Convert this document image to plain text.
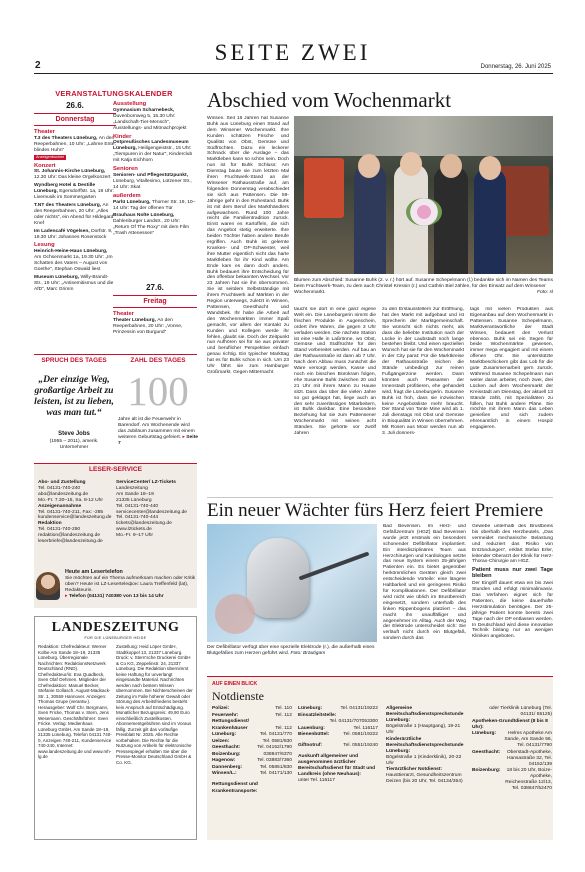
2
SEITE ZWEI
Donnerstag, 26. Juni 2025
VERANSTALTUNGSKALENDER
26.6.
Donnerstag
Theater
T.3 des Theaters Lüneburg, An den Reeperbahnen, 10 Uhr: „Lahme Ente, blindes Huhn“
Anzeigenbuchen
Konzert
St. Johannis-Kirche Lüneburg, 12.30 Uhr: Das kleine Orgelkonzert
Wyndberg Hotel & Destille Lüneburg, Egersdorffstr. 1a, 18 Uhr: Livemusik im Sommergarten
T.NT des Theaters Lüneburg, An den Reeperbahnen, 20 Uhr: „Alles oder nichts“, ein Abend für Hildegard Knef
Im Ladencafé Vögelsen, Dorfstr. 9, 19.30 Uhr: Johannes Rosenstock
Lesung
Heinrich-Heine-Haus Lüneburg, Am Ochsenmarkt 1a, 19.30 Uhr: „Im Schatten des Vaters – August von Goethe“, Stephan Oswald liest
Museum Lüneburg, Willy-Brandt-Str., 19 Uhr: „Antisemitismus und die AfD“, Marc Grimm
Ausstellung
Gymnasium Scharnebeck, Duvenbornweg 5, 15.30 Uhr: „Landschaft-Tier-Mensch“, Ausstellungs- und Mitmachprojekt
Kinder
Ostpreußisches Landesmuseum Lüneburg, Heiligengeiststr., 15 Uhr: „Tierspuren in der Natur“, Kinderclub mit Katja Eichhorn
Senioren
Senioren- und Pflegestützpunkt, Lüneburg, Vitallesimo, Lützener Str., 14 Uhr: Skat
außerdem
Parlü Lüneburg, Thorner Str. 19, 10–14 Uhr: Tag der offenen Tür
Brauhaus Nolte Lüneburg, Dahlenburger Landstr., 20 Uhr: „Return Of The Roxy“ mit dem Film „Trash Attenessen“
27.6.
Freitag
Theater
Theater Lüneburg, An den Reeperbahnen, 20 Uhr: „Vonne, Prinzessin von Burgund“
SPRUCH DES TAGES
„Der einzige Weg, großartige Arbeit zu leisten, ist zu lieben, was man tut.“
Steve Jobs
(1955 – 2011), amerik. Unternehmer
ZAHL DES TAGES
100
Jahre alt ist die Feuerwehr in Barendorf. Am Wochenende wird das Jubiläum zusammen mit einem weiteren Geburtstag gefeiert. ▸ Seite 7
LESER-SERVICE
Abo- und Zustellung
Tel. 04131-740-240
abo@landeszeitung.de
Mo.-Fr. 7.30–15, Sa. 8-12 Uhr
Anzeigenannahme
Tel. 04131-740-211, Fax: -285
kundenservice@landeszeitung.de
Redaktion
Tel. 04131-740-250
redaktion@landeszeitung.de
leserbriefe@landeszeitung.de
ServiceCenter/ LZ-Tickets
Landeszeitung
Am Sande 18–19
21335 Lüneburg
Tel. 04131-740-440
servicecenter@landeszeitung.de
Tel. 04131-740-444
tickets@landeszeitung.de
www.lztickets.de
Mo.-Fr. 9–17 Uhr
Heute am Lesertelefon
Sie möchten auf ein Thema aufmerksam machen oder Kritik üben? Heute ist LZ-Leserteleфон: Laura Treffenfeld (lat), Redakteurin.
▸ Telefon (04131) 740380 von 13 bis 14 Uhr
LANDESZEITUNG
FÜR DIE LÜNEBURGER HEIDE
Redaktion: Chefredakteur: Werner Kolbe Am Sande 18–19, 21335 Lüneburg. Überregionale Nachrichten: RedaktionsNetzwerk Deutschland (RND). Chefredakteur/in: Eva Quadbeck, Sven Olaf Oehmen. Mitglieder der Chefredaktion: Manuel Becker, Stefanie Gollasch. August-Madsack-Str. 1, 30559 Hannover. Anzeigen: Thomas Grupe (verantw.). Herausgeber: Wolf Chr. Bergmann, Sven Fricke, Thomas v. Stern, Jens Wesemann. Geschäftsführer: Sven Fricke. Verlag: Medienhaus Lüneburg GmbH, Am Sande 18–19, 21335 Lüneburg. Telefon 04131 740-0, Anzeigen 740-211, Kundenservice 740-240, Internet: www.landeszeitung.de und www.mh-lg.de
Zustellung: Heid Löper GmbH, Stadtkoppel 13, 21337 Lüneburg. Druck: v. Stern'sche Druckerei GmbH & Co KG, Zeppelinstr. 24, 21337 Lüneburg. Die Redaktion übernimmt keine Haftung für unverlangt eingesandte Material. Nachrichten werden nach bestem Wissen übernommen. Bei Nichterscheinen der Zeitung im Falle höherer Gewalt oder Störung des Arbeitsfriedens besteht kein Anspruch auf Entschädigung. Monatlicher Bezugspreis: 49,90 Euro einschließlich Zustellkosten. Abonnementgebühren sind im Voraus fällig. Zurzeit gilt das vorläufige Preisblatt Nr. 2025. Alle Rechte vorbehalten. Die Rechte für die Nutzung von Artikeln für elektronische Pressespiegel erhalten Sie über die Presse-Monitor Deutschland GmbH & Co. KG.
Abschied vom Wochenmarkt
Winsen. Seit 16 Jahren hat Susanne Buhk aus Lüneburg einen Stand auf dem Winsener Wochenmarkt. Ihre Kunden schätzen Frische und Qualität von Obst, Gemüse und Südfrüchten. Dazu ein leckerer Schnack über die Auslage – das Marktleben kann so schön sein. Doch nun ist für Buhk Schluss: Am Dienstag baute sie zum letzten Mal ihren Fruchtwerk-Stand an der Winsener Rathausstraße auf, am folgenden Donnerstag verabschiedet sie sich aus Pattensen. Die 59-Jährige geht in den Ruhestand. Buhk ist mit dem Beruf des Markthändlers aufgewachsen. Rund 100 Jahre reicht die Familientradition zurück. Einst waren es Kartoffeln, die sich das Angebot stetig erweiterte. Ihre beiden Töchter haben andere Berufe ergriffen. Auch Buhk ist gelernte Kranken- und OP-Schwester, weil ihre Mutter eigentlich nicht das harte Marktleben für ihr Kind wollte. Am Ende kam es dann doch anders. Buhk bedauert ihre Entscheidung für den offenbar bekannten Wechsel. Vor 23 Jahren hat sie ihn übernommen. Sie ist seitdem Selbstständige mit ihrem Fruchtwerk auf Märkten in der Region unterwegs, zuletzt in Winsen, Pattensen, Geesthacht und Wandsbek. Ihr habe die Arbeit auf den Wochenmärkten immer Spaß gemacht, vor allem der Kontakt zu Kunden und Kollegen werde ihr fehlen, glaubt sie. Doch der Zeitpunkt nun Aufhören sei für sie aus privater und beruflicher Perspektive einfach genau richtig. Ein typischer Markttag hat es für Buhk schon in sich. Um 23 Uhr fährt sie zum Hamburger Großmarkt. Gegen Mitternacht
Blumen zum Abschied: Susanne Buhk (2. v. r.) hört auf. Susanne Schepelmann (l.) bedankte sich im Namen des Teams beim Fruchtwerk-Team, zu dem auch Christel Kressin (r.) und Cathrin Biel zählen, für den Einsatz auf dem Winsener Wochenmarkt.	Foto: sl
taucht sie dort in eine ganz eigene Welt ein. Die Lüneburgerin nimmt die frischen Produkte in Augenschein, ordert ihre Waren, die gegen 3 Uhr verladen werden. Die nächste Station ist eine Halle in Laßrönne, wo Obst, Gemüse und Südfrüchte für den Stand vorbereitet werden. Auf bau an der Rathausstraße ist dann ab 7 Uhr. Nach dem Abbau muss zunächst die Ware versorgt werden, Kasse und noch ein bisschen Bürokram folgen, ehe Susanne Buhk zwischen 20 und 21 Uhr mit ihrem Mann zu Hause sitzt. Dass das über die vielen Jahre so gut geklappt hat, liege auch an den sehr zuverlässigen Mitarbeitern, ist Buhk dankbar. Eine besondere Beziehung hat sie zum Pattensener Wochenmarkt mit seinen acht Ständen. Sie gehörte vor zwölf Jahren
zu den Erstausstellern zur Eröffnung, hat den Markt mit aufgebaut und ist Sprecherin der Marktgemeinschaft. Sie wünscht sich nichts mehr, als dass die beliebte Institution nach der Lücke in der Laubstadt noch lange bestehen bleibt. Und einen speziellen Wunsch hat sie für den Wochenmarkt in der City parat: Für die Marktkreise der Rathausstraße reichen die Stände umbedingt zur reinen Fußgängerzone werden. Dann könnten auch Passanten der Innenstadt profitieren, ehe gehandelt wird, fragt die Lüneburgerin. Susanne Buhk ist froh, dass sie inzwischen keine Angebotsliste mehr braucht. Der Stand von Tante Mine wird ab 1. Juli dienstags mit Obst und Gemüse in Bioqualität in Winsen übernehmen. Mit Rosen aus Moor werden nun ab 3. Juli donners-
tags mit vielen Produkten aus Eigenanbau auf dem Wochenmarkt in Pattensen. Susanne Schepelmann, Marktverantwortliche der Stadt Winsen, bedauert den Verlust ebensoo. Buhk sei ein Segen für beide Wochenmärkte gewesen, immer mega engagiert und mit einem offenen Ohr. Sie unterstützte Marktbeschickern gibt das Lob für die gute Zusammenarbeit gern zurück. Während Susanne Schepelmann nun weiter daran arbeitet, noch zwei, drei Lücken auf dem Wochenmarkt der Kreisstadt am Dienstag, der aktuell 13 Stände zählt, mit Spezialitäten zu füllen, hat Buhk andere Pläne. Sie möchte mit ihrem Mann das Leben genießen und sich zudem ehrenamtlich in einem Hospiz engagieren.
Ein neuer Wächter fürs Herz feiert Premiere
Der Defibrillator verfügt über eine spezielle Elektrode (r.), die außerhalb eines Blutgefäßes zum Herzen geführt wird. Foto: Bräutigam
Bad Bevensen. Im Herz- und Gefäßzentrum (HGZ) Bad Bevensen wurde jetzt erstmals ein besonders schonender Defibrillator implantiert. Ein interdisziplinäres Team aus Herzchirurgen und Kardiologen setzte das neue System einem 25-jährigen Patienten ein. Es bietet gegenüber herkömmlichen Geräten gleich zwei entscheidende Vorteile: eine längere Haltbarkeit und ein geringeres Risiko für Komplikationen. Der Defibrillator wird nicht wie üblich im Brustbereich eingesetzt, sondern unterhalb des linken Rippenbogens platziert – das macht ihn unauffälliger und angenehmer im Alltag. Auch der Weg der Elektrode unterscheidet sich: Sie verläuft nicht durch ein Blutgefäß, sondern durch das
Gewebe unterhalb des Brustbeins bis oberhalb des Herzbeutels. „Das vermeidet mechanische Belastung und reduziert das Risiko von Entzündungen“, erklärt Stefan Erler, leitender Oberarzt der Klinik für Herz-Thorax-Chirurgie am HGZ.
Patient muss nur zwei Tage bleiben
Der Eingriff dauert etwa ein bis zwei Stunden und erfolgt minimalinvasiv. Das Verfahren eignet sich für Patienten, die keine dauerhafte Herzstimulation benötigen. Der 25-jährige Patient konnte bereits zwei Tage nach der OP entlassen werden. In Deutschland wird diese innovative Technik bislang nur an wenigen Kliniken angeboten.
AUF EINEN BLICK
Notdienste
Polizei:	Tel. 110
Feuerwehr:	Tel. 112
Rettungsdienst/
Krankenhäuser	Tel. 112
Lüneburg:	Tel. 04131/770
Uelzen:	Tel. 0581/830
Geesthacht:	Tel. 04152/1790
Boizenburg:	038847/6370
Hagenow:	Tel. 03883/7360
Dannenberg:	Tel. 05861/830
Winsen/L.:	Tel. 04171/130
Rettungsdienst und
Krankentransporte:
Lüneburg:	Tel. 04131/19222
Einsatzleitstelle:
Tel. 04131/707053300
Lauenburg:	Tel. 116117
Bienenbüttel:	Tel. 0581/19222
Giftnotruf:	Tel. 0551/19240
Auskunft allgemeiner und ausgenommen ärztlicher Bereitschaftsdienst für Stadt und Landkreis (ohne Neuhaus):
unter Tel. 116117
Allgemeine Bereitschaftsdienstsprechstunde Lüneburg:
Bögelstraße 1 (Hauptgang), 19-21 Uhr
Kinderärztliche Bereitschaftsdienstsprechstunde Lüneburg:
Bögelstraße 1 (Kinderklinik), 20-22 Uhr
Tierärztlicher Notdienst:
Hausttierarzt, Gesundheitszentrum Deizen (bis 20 Uhr, Tel. 04134/354)
oder Tierklinik Lüneburg (Tel. 04131/ 55125)
Apotheken-Grundtdienst (8 bis 8 Uhr):
Lüneburg:	Helms Apotheke Am Sande, Am Sande 56, Tel. 04131/7790
Geesthacht:	Oberstadt-Apotheke, Hansastraße 32, Tel. 04152/139
Boizenburg:	18 bis 20 Uhr, Boize-Apotheke, Reichenstraße 12/13, Tel. 038847/52470
